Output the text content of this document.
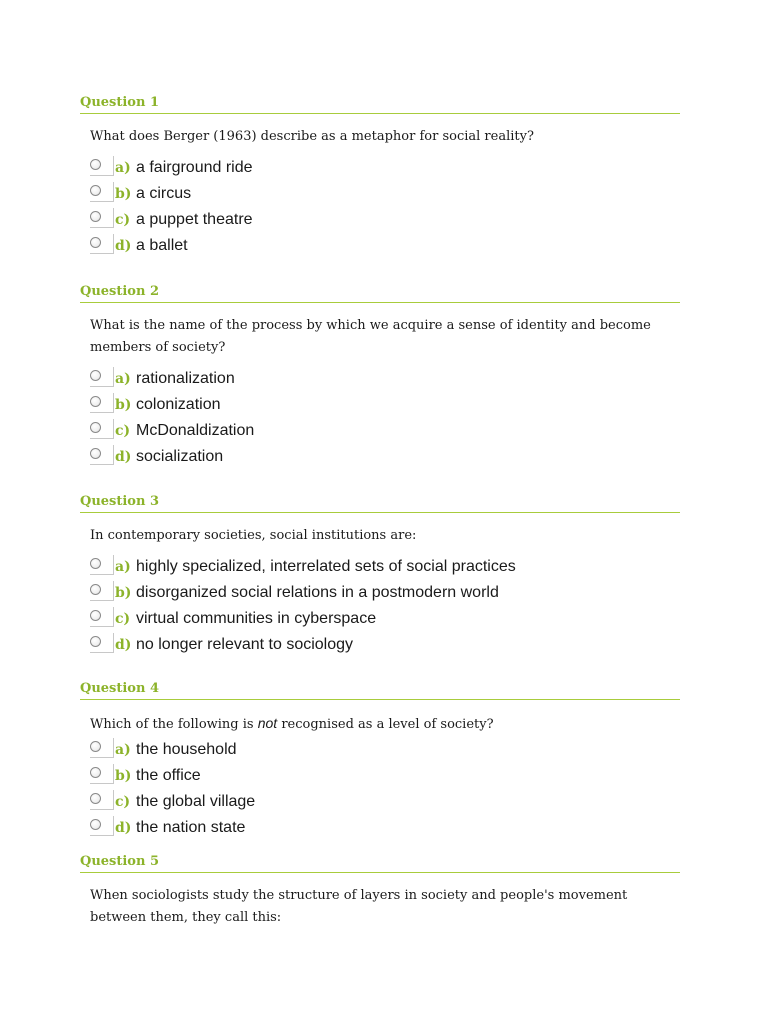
Question 1
What does Berger (1963) describe as a metaphor for social reality?
a) a fairground ride
b) a circus
c) a puppet theatre
d) a ballet
Question 2
What is the name of the process by which we acquire a sense of identity and become members of society?
a) rationalization
b) colonization
c) McDonaldization
d) socialization
Question 3
In contemporary societies, social institutions are:
a) highly specialized, interrelated sets of social practices
b) disorganized social relations in a postmodern world
c) virtual communities in cyberspace
d) no longer relevant to sociology
Question 4
Which of the following is not recognised as a level of society?
a) the household
b) the office
c) the global village
d) the nation state
Question 5
When sociologists study the structure of layers in society and people's movement between them, they call this:
